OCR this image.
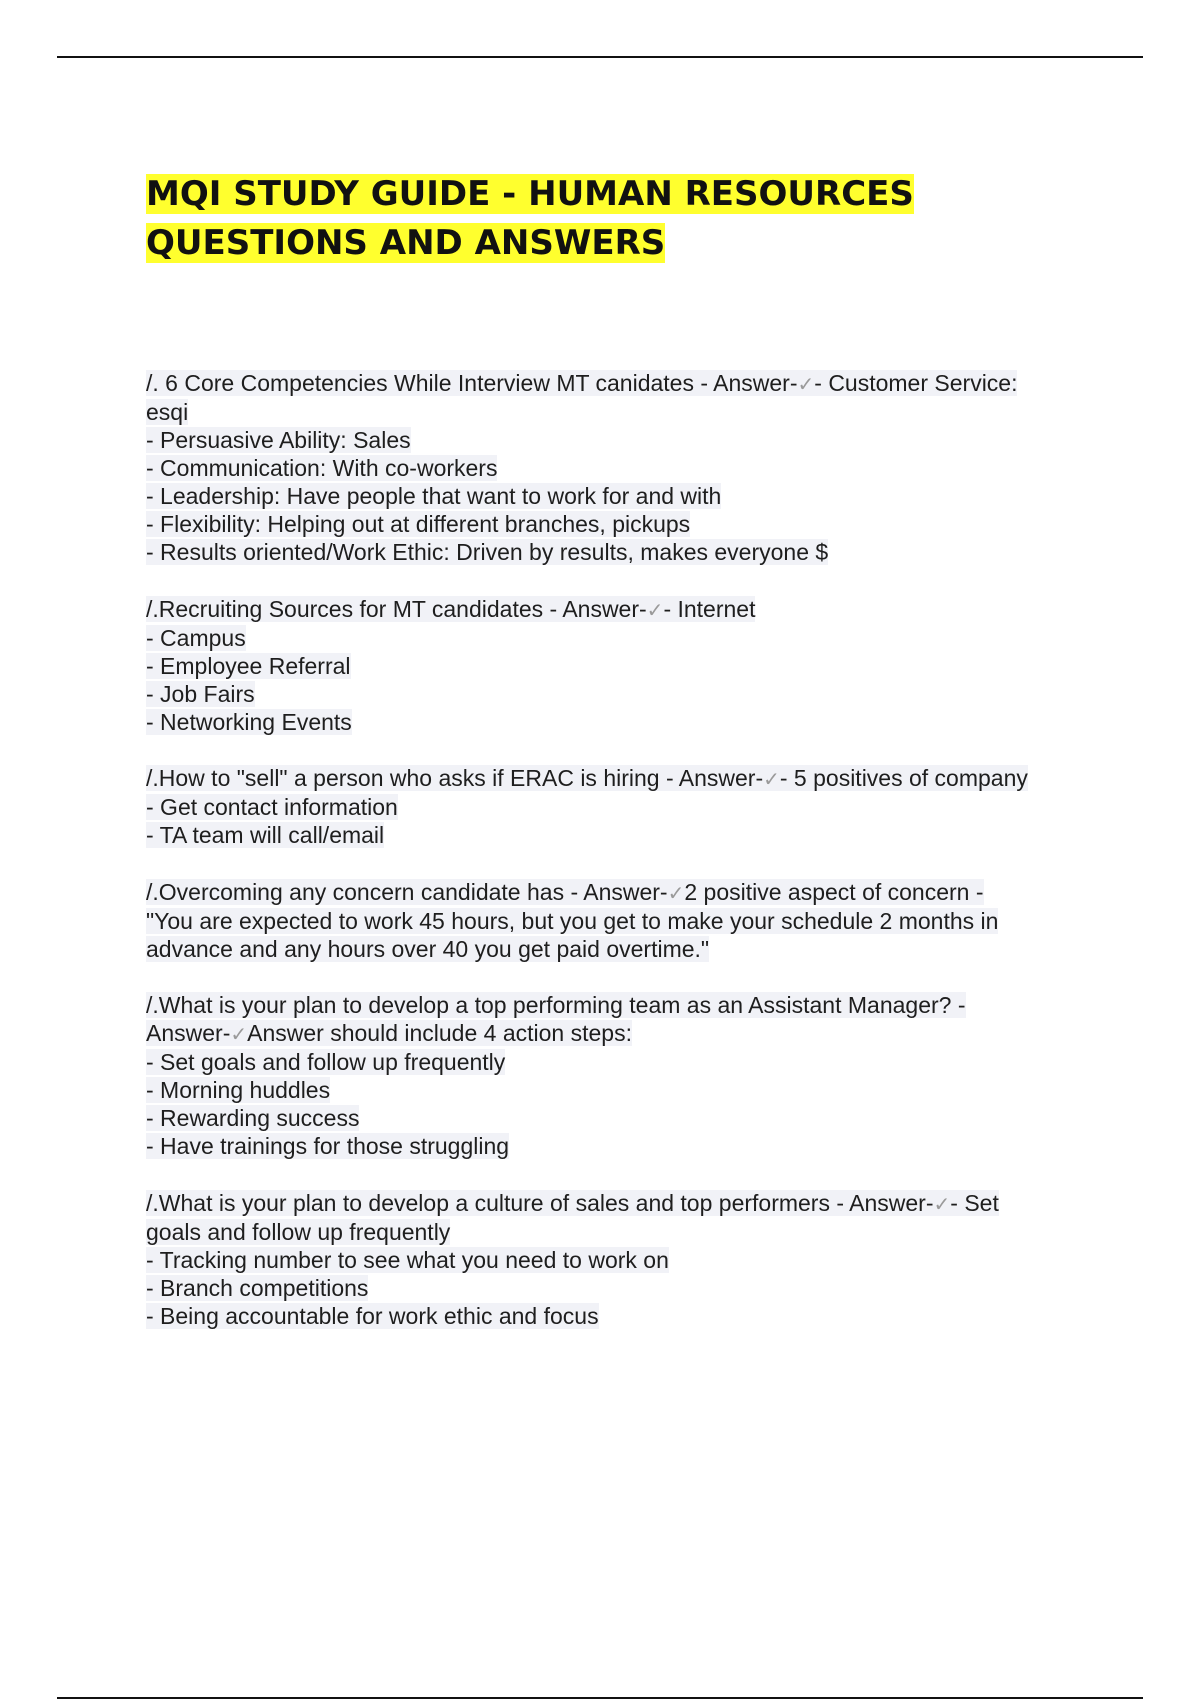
MQI STUDY GUIDE - HUMAN RESOURCES QUESTIONS AND ANSWERS
/. 6 Core Competencies While Interview MT canidates - Answer-✓- Customer Service:
esqi
- Persuasive Ability: Sales
- Communication: With co-workers
- Leadership: Have people that want to work for and with
- Flexibility: Helping out at different branches, pickups
- Results oriented/Work Ethic: Driven by results, makes everyone $
/.Recruiting Sources for MT candidates - Answer-✓- Internet
- Campus
- Employee Referral
- Job Fairs
- Networking Events
/.How to "sell" a person who asks if ERAC is hiring - Answer-✓- 5 positives of company
- Get contact information
- TA team will call/email
/.Overcoming any concern candidate has - Answer-✓2 positive aspect of concern -
"You are expected to work 45 hours, but you get to make your schedule 2 months in
advance and any hours over 40 you get paid overtime."
/.What is your plan to develop a top performing team as an Assistant Manager? -
Answer-✓Answer should include 4 action steps:
- Set goals and follow up frequently
- Morning huddles
- Rewarding success
- Have trainings for those struggling
/.What is your plan to develop a culture of sales and top performers - Answer-✓- Set
goals and follow up frequently
- Tracking number to see what you need to work on
- Branch competitions
- Being accountable for work ethic and focus
